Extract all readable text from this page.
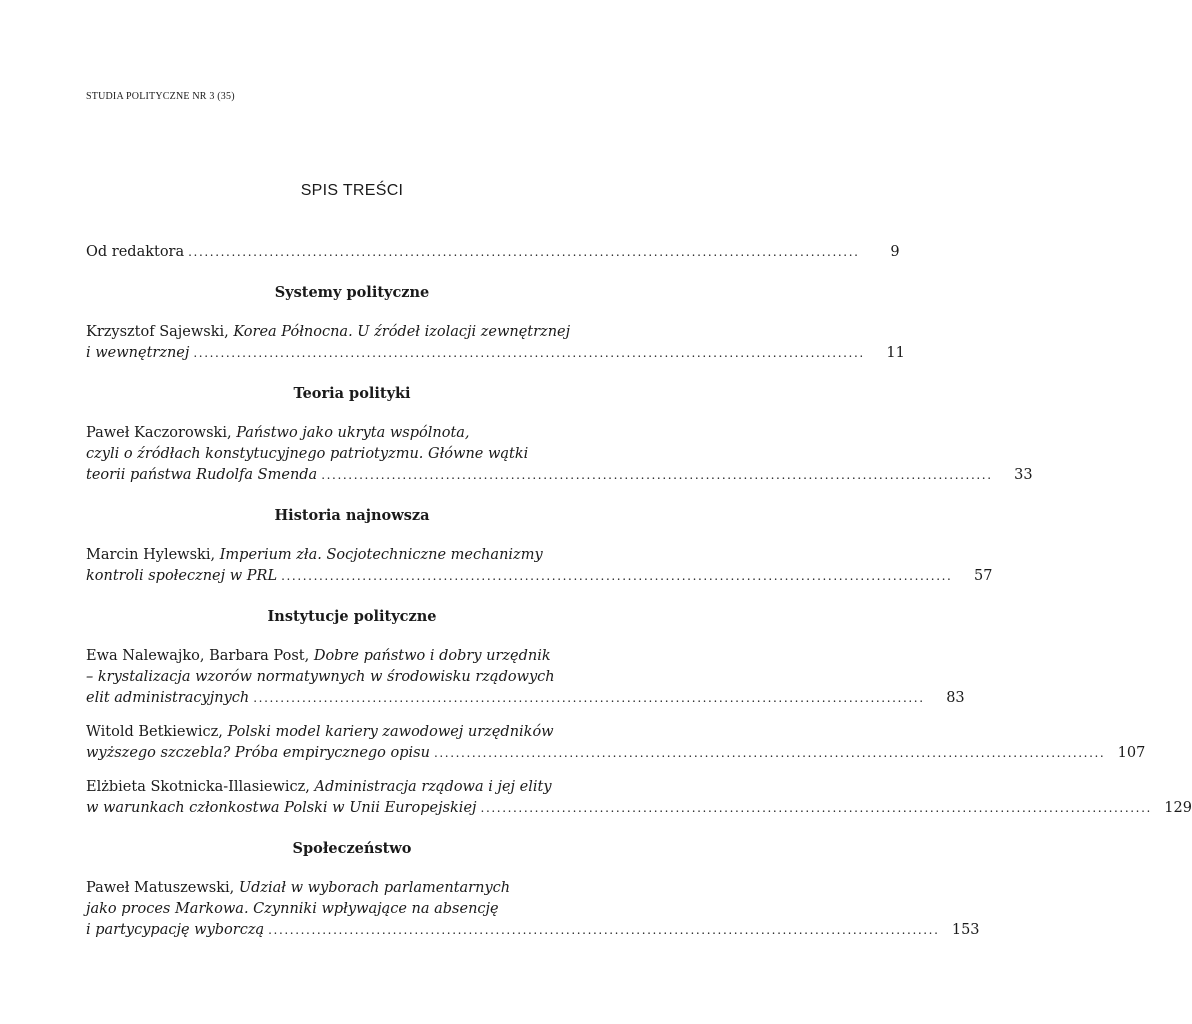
STUDIA POLITYCZNE NR 3 (35)
SPIS TREŚCI
Od redaktora ............................................................................................................................	9
Systemy polityczne
Krzysztof Sajewski, Korea Północna. U źródeł izolacji zewnętrznej
i wewnętrznej ............................................................................................................................	11
Teoria polityki
Paweł Kaczorowski, Państwo jako ukryta wspólnota,
czyli o źródłach konstytucyjnego patriotyzmu. Główne wątki
teorii państwa Rudolfa Smenda ............................................................................................................................	33
Historia najnowsza
Marcin Hylewski, Imperium zła. Socjotechniczne mechanizmy
kontroli społecznej w PRL ............................................................................................................................	57
Instytucje polityczne
Ewa Nalewajko, Barbara Post, Dobre państwo i dobry urzędnik
– krystalizacja wzorów normatywnych w środowisku rządowych
elit administracyjnych ............................................................................................................................	83
Witold Betkiewicz, Polski model kariery zawodowej urzędników
wyższego szczebla? Próba empirycznego opisu ............................................................................................................................ 107
Elżbieta Skotnicka-Illasiewicz, Administracja rządowa i jej elity
w warunkach członkostwa Polski w Unii Europejskiej ............................................................................................................................ 129
Społeczeństwo
Paweł Matuszewski, Udział w wyborach parlamentarnych
jako proces Markowa. Czynniki wpływające na absencję
i partycypację wyborczą ............................................................................................................................ 153
